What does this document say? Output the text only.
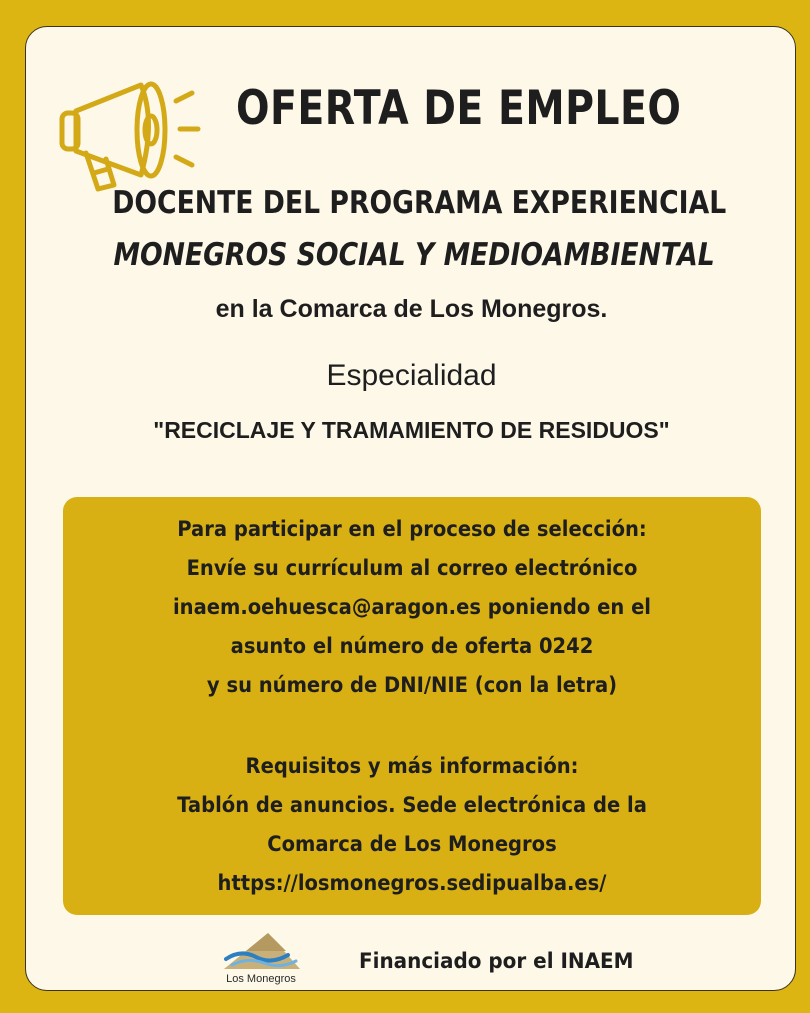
OFERTA DE EMPLEO
DOCENTE DEL PROGRAMA EXPERIENCIAL
MONEGROS SOCIAL Y MEDIOAMBIENTAL
en la Comarca de Los Monegros.
Especialidad
"RECICLAJE Y TRAMAMIENTO DE RESIDUOS"
Para participar en el proceso de selección:
Envíe su currículum al correo electrónico
inaem.oehuesca@aragon.es poniendo en el
asunto el número de oferta 0242
y su número de DNI/NIE (con la letra)
Requisitos y más información:
Tablón de anuncios. Sede electrónica de la
Comarca de Los Monegros
https://losmonegros.sedipualba.es/
Los Monegros
Financiado por el INAEM
